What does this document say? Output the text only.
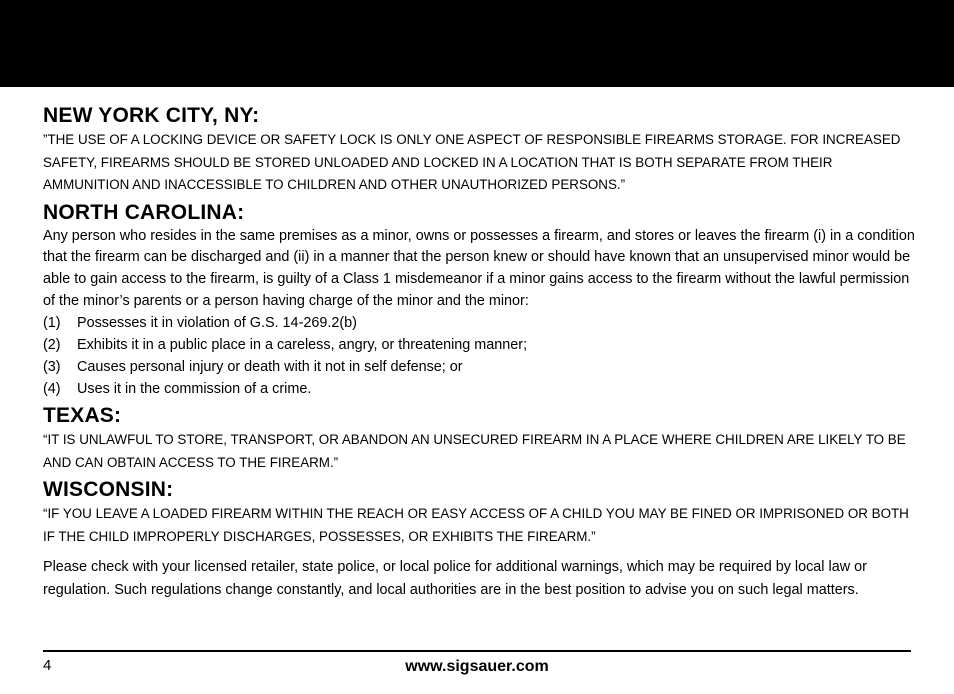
NEW YORK CITY, NY:

”THE USE OF A LOCKING DEVICE OR SAFETY LOCK IS ONLY ONE ASPECT OF RESPONSIBLE FIREARMS STORAGE. FOR INCREASED SAFETY, FIREARMS SHOULD BE STORED UNLOADED AND LOCKED IN A LOCATION THAT IS BOTH SEPARATE FROM THEIR AMMUNITION AND INACCESSIBLE TO CHILDREN AND OTHER UNAUTHORIZED PERSONS.”

NORTH CAROLINA:

Any person who resides in the same premises as a minor, owns or possesses a firearm, and stores or leaves the firearm (i) in a condition that the firearm can be discharged and (ii) in a manner that the person knew or should have known that an unsupervised minor would be able to gain access to the firearm, is guilty of a Class 1 misdemeanor if a minor gains access to the firearm without the lawful permission of the minor’s parents or a person having charge of the minor and the minor:

(1)	Possesses it in violation of G.S. 14-269.2(b)
(2)	Exhibits it in a public place in a careless, angry, or threatening manner;
(3)	Causes personal injury or death with it not in self defense; or
(4)	Uses it in the commission of a crime.
TEXAS:

“IT IS UNLAWFUL TO STORE, TRANSPORT, OR ABANDON AN UNSECURED FIREARM IN A PLACE WHERE CHILDREN ARE LIKELY TO BE AND CAN OBTAIN ACCESS TO THE FIREARM.”

WISCONSIN:

“IF YOU LEAVE A LOADED FIREARM WITHIN THE REACH OR EASY ACCESS OF A CHILD YOU MAY BE FINED OR IMPRISONED OR BOTH IF THE CHILD IMPROPERLY DISCHARGES, POSSESSES, OR EXHIBITS THE FIREARM.”

Please check with your licensed retailer, state police, or local police for additional warnings, which may be required by local law or regulation. Such regulations change constantly, and local authorities are in the best position to advise you on such legal matters.

4	www.sigsauer.com
